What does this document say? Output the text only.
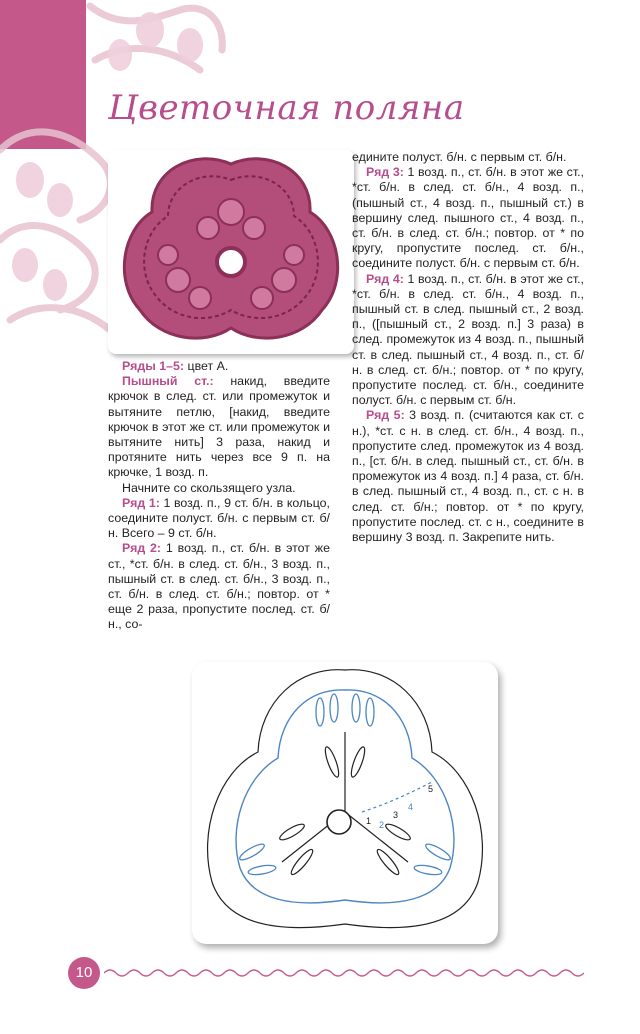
Цветочная поляна

Ряды 1–5: цвет А.

Пышный ст.: накид, введите крючок в след. ст. или промежуток и вытяните петлю, [накид, введите крючок в этот же ст. или промежуток и вытяните нить] 3 раза, накид и протяните нить через все 9 п. на крючке, 1 возд. п.

Начните со скользящего узла.

Ряд 1: 1 возд. п., 9 ст. б/н. в кольцо, соедините полуст. б/н. с первым ст. б/н. Всего – 9 ст. б/н.

Ряд 2: 1 возд. п., ст. б/н. в этот же ст., *ст. б/н. в след. ст. б/н., 3 возд. п., пышный ст. в след. ст. б/н., 3 возд. п., ст. б/н. в след. ст. б/н.; повтор. от * еще 2 раза, пропустите послед. ст. б/н., со-

едините полуст. б/н. с первым ст. б/н.

Ряд 3: 1 возд. п., ст. б/н. в этот же ст., *ст. б/н. в след. ст. б/н., 4 возд. п., (пышный ст., 4 возд. п., пышный ст.) в вершину след. пышного ст., 4 возд. п., ст. б/н. в след. ст. б/н.; повтор. от * по кругу, пропустите послед. ст. б/н., соедините полуст. б/н. с первым ст. б/н.

Ряд 4: 1 возд. п., ст. б/н. в этот же ст., *ст. б/н. в след. ст. б/н., 4 возд. п., пышный ст. в след. пышный ст., 2 возд. п., ([пышный ст., 2 возд. п.] 3 раза) в след. промежуток из 4 возд. п., пышный ст. в след. пышный ст., 4 возд. п., ст. б/н. в след. ст. б/н.; повтор. от * по кругу, пропустите послед. ст. б/н., соедините полуст. б/н. с первым ст. б/н.

Ряд 5: 3 возд. п. (считаются как ст. с н.), *ст. с н. в след. ст. б/н., 4 возд. п., пропустите след. промежуток из 4 возд. п., [ст. б/н. в след. пышный ст., ст. б/н. в промежуток из 4 возд. п.] 4 раза, ст. б/н. в след. пышный ст., 4 возд. п., ст. с н. в след. ст. б/н.; повтор. от * по кругу, пропустите послед. ст. с н., соедините в вершину 3 возд. п. Закрепите нить.

1 2
3
4
5
10
